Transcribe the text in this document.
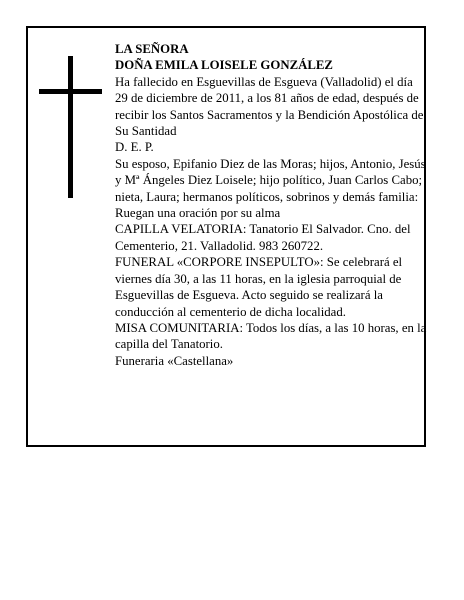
LA SEÑORA

DOÑA EMILA LOISELE GONZÁLEZ

Ha fallecido en Esguevillas de Esgueva (Valladolid) el día 29 de diciembre de 2011, a los 81 años de edad, después de recibir los Santos Sacramentos y la Bendición Apostólica de Su Santidad

D. E. P.

Su esposo, Epifanio Diez de las Moras; hijos, Antonio, Jesús y Mª Ángeles Diez Loisele; hijo político, Juan Carlos Cabo; nieta, Laura; hermanos políticos, sobrinos y demás familia:

Ruegan una oración por su alma

CAPILLA VELATORIA: Tanatorio El Salvador. Cno. del Cementerio, 21. Valladolid. 983 260722.

FUNERAL «CORPORE INSEPULTO»: Se celebrará el viernes día 30, a las 11 horas, en la iglesia parroquial de Esguevillas de Esgueva. Acto seguido se realizará la conducción al cementerio de dicha localidad.

MISA COMUNITARIA: Todos los días, a las 10 horas, en la capilla del Tanatorio.

Funeraria «Castellana»
